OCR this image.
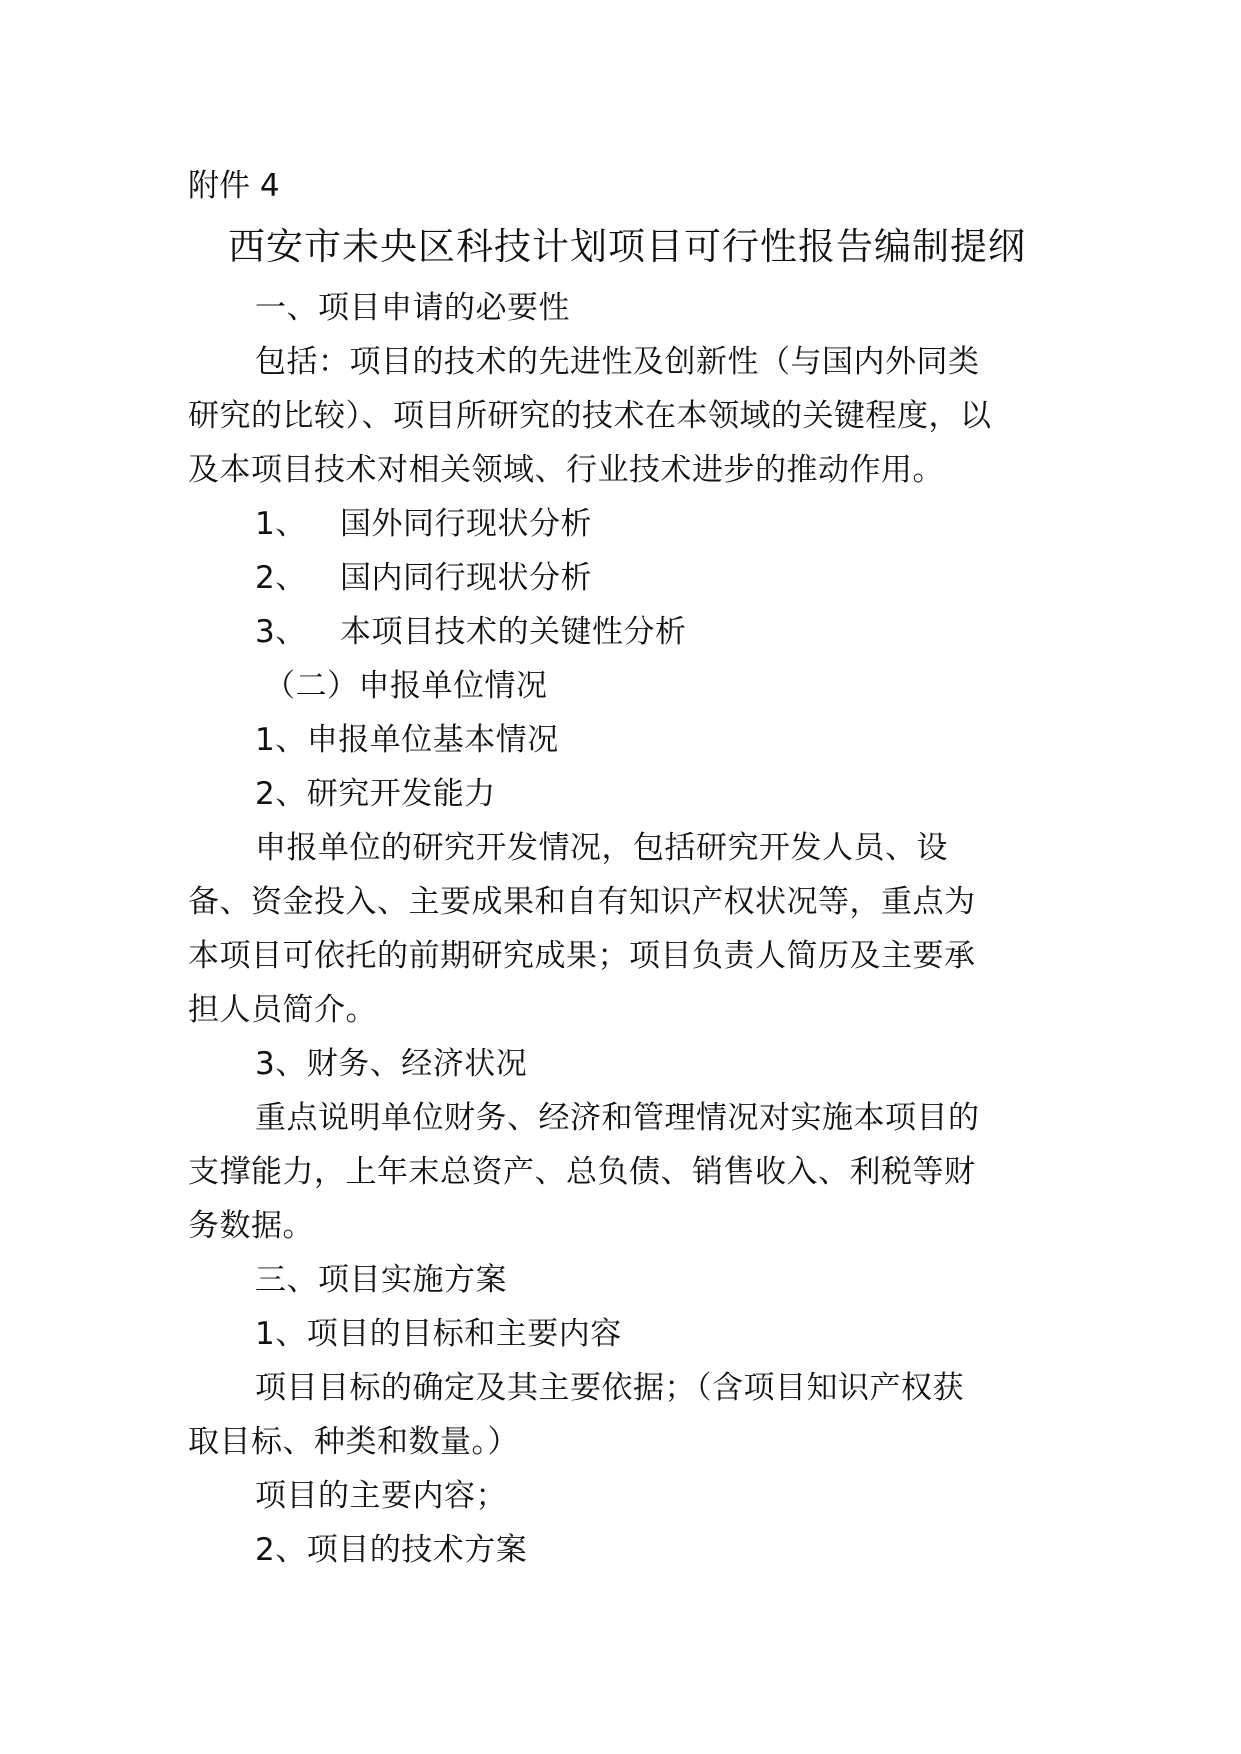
附件 4
西安市未央区科技计划项目可行性报告编制提纲
一、项目申请的必要性
包括：项目的技术的先进性及创新性（与国内外同类
研究的比较）、项目所研究的技术在本领域的关键程度，以
及本项目技术对相关领域、行业技术进步的推动作用。
1、 国外同行现状分析
2、 国内同行现状分析
3、 本项目技术的关键性分析
（二）申报单位情况
1、申报单位基本情况
2、研究开发能力
申报单位的研究开发情况，包括研究开发人员、设
备、资金投入、主要成果和自有知识产权状况等，重点为
本项目可依托的前期研究成果；项目负责人简历及主要承
担人员简介。
3、财务、经济状况
重点说明单位财务、经济和管理情况对实施本项目的
支撑能力，上年末总资产、总负债、销售收入、利税等财
务数据。
三、项目实施方案
1、项目的目标和主要内容
项目目标的确定及其主要依据；（含项目知识产权获
取目标、种类和数量。）
项目的主要内容；
2、项目的技术方案
